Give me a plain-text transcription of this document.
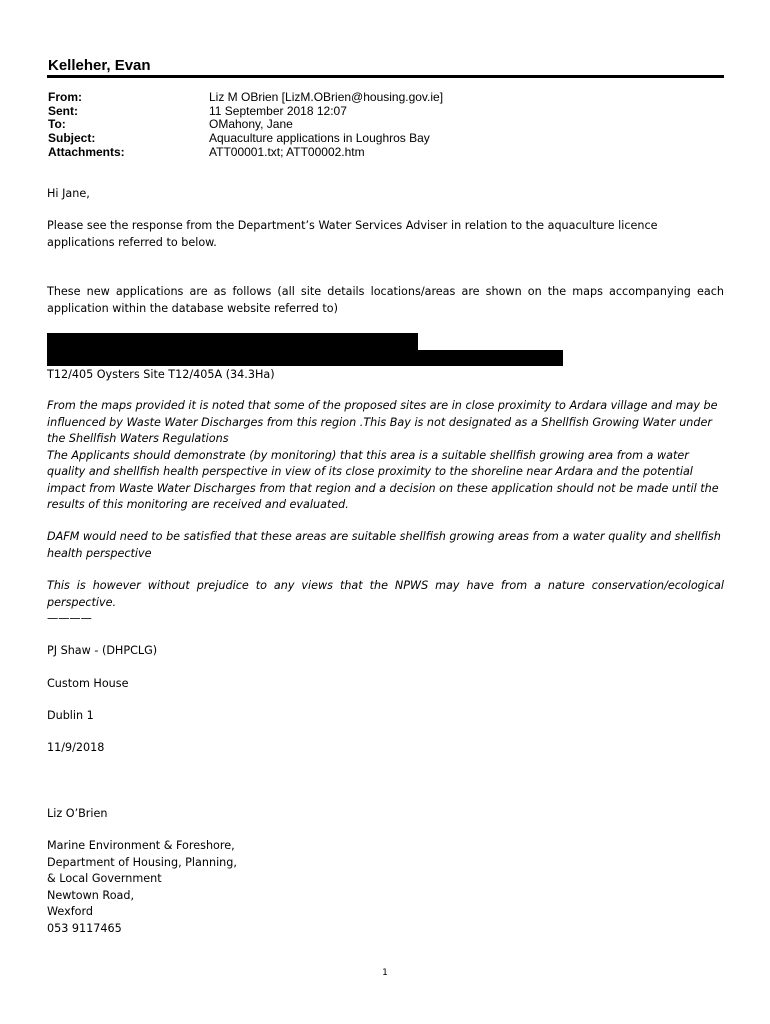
Kelleher, Evan
From:	Liz M OBrien [LizM.OBrien@housing.gov.ie]
Sent:	11 September 2018 12:07
To:	OMahony, Jane
Subject:	Aquaculture applications in Loughros Bay
Attachments:	ATT00001.txt; ATT00002.htm
Hi Jane,
Please see the response from the Department’s Water Services Adviser in relation to the aquaculture licence applications referred to below.
These new applications are as follows (all site details locations/areas are shown on the maps accompanying each application within the database website referred to)
T12/405 Oysters Site T12/405A (34.3Ha)

From the maps provided it is noted that some of the proposed sites are in close proximity to Ardara village and may be influenced by Waste Water Discharges from this region .This Bay is not designated as a Shellfish Growing Water under the Shellfish Waters Regulations

The Applicants should demonstrate (by monitoring) that this area is a suitable shellfish growing area from a water quality and shellfish health perspective in view of its close proximity to the shoreline near Ardara and the potential impact from Waste Water Discharges from that region and a decision on these application should not be made until the results of this monitoring are received and evaluated.

DAFM would need to be satisfied that these areas are suitable shellfish growing areas from a water quality and shellfish health perspective
This is however without prejudice to any views that the NPWS may have from a nature conservation/ecological perspective.
————
PJ Shaw - (DHPCLG)
Custom House
Dublin 1
11/9/2018
Liz O’Brien

Marine Environment & Foreshore,

Department of Housing, Planning,

& Local Government

Newtown Road,

Wexford

053 9117465

1
